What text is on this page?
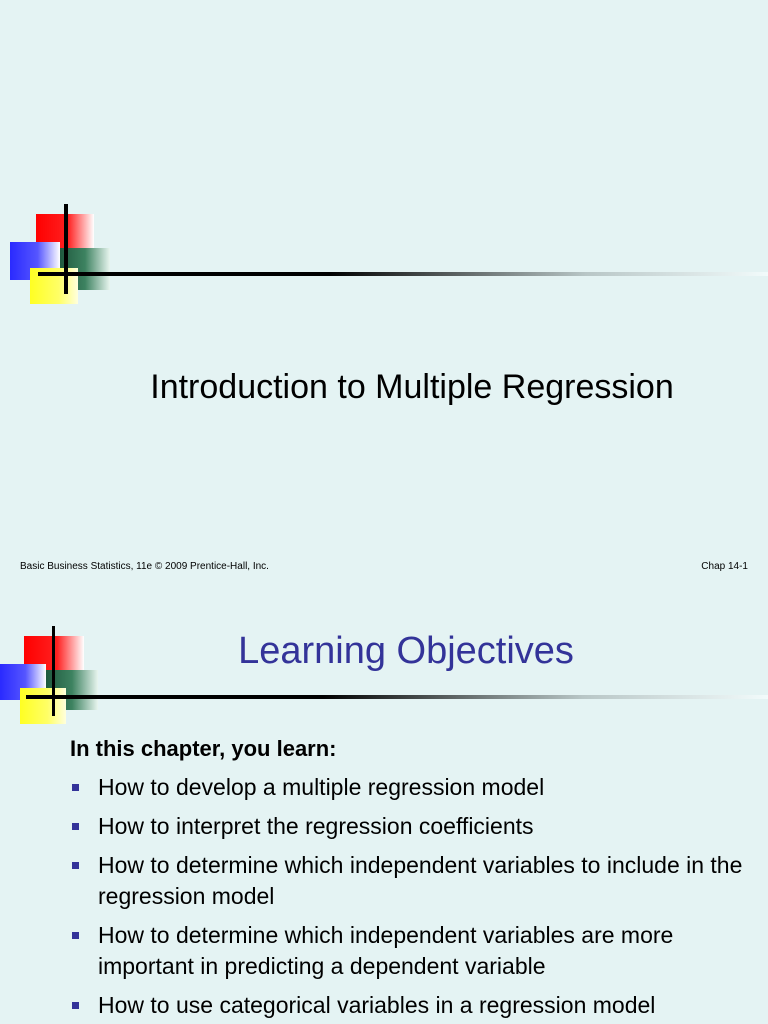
Introduction to Multiple Regression
Basic Business Statistics, 11e © 2009 Prentice-Hall, Inc.	Chap 14-1
Learning Objectives
In this chapter, you learn:
How to develop a multiple regression model
How to interpret the regression coefficients
How to determine which independent variables to include in the regression model
How to determine which independent variables are more important in predicting a dependent variable
How to use categorical variables in a regression model
